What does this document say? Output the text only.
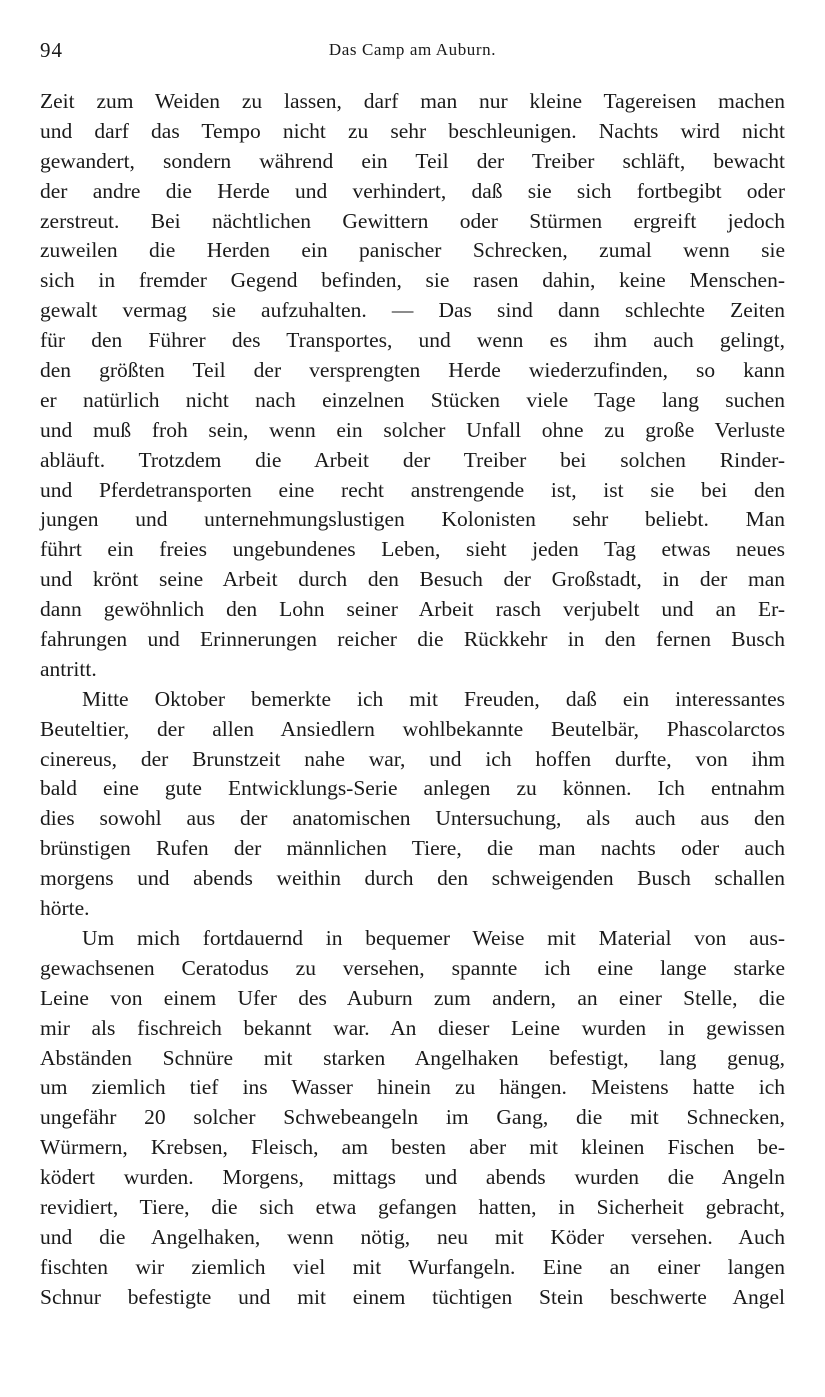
94	Das Camp am Auburn.

Zeit zum Weiden zu lassen, darf man nur kleine Tagereisen machen
und darf das Tempo nicht zu sehr beschleunigen. Nachts wird nicht
gewandert, sondern während ein Teil der Treiber schläft, bewacht
der andre die Herde und verhindert, daß sie sich fortbegibt oder
zerstreut. Bei nächtlichen Gewittern oder Stürmen ergreift jedoch
zuweilen die Herden ein panischer Schrecken, zumal wenn sie
sich in fremder Gegend befinden, sie rasen dahin, keine Menschen-
gewalt vermag sie aufzuhalten. — Das sind dann schlechte Zeiten
für den Führer des Transportes, und wenn es ihm auch gelingt,
den größten Teil der versprengten Herde wiederzufinden, so kann
er natürlich nicht nach einzelnen Stücken viele Tage lang suchen
und muß froh sein, wenn ein solcher Unfall ohne zu große Verluste
abläuft. Trotzdem die Arbeit der Treiber bei solchen Rinder-
und Pferdetransporten eine recht anstrengende ist, ist sie bei den
jungen und unternehmungslustigen Kolonisten sehr beliebt. Man
führt ein freies ungebundenes Leben, sieht jeden Tag etwas neues
und krönt seine Arbeit durch den Besuch der Großstadt, in der man
dann gewöhnlich den Lohn seiner Arbeit rasch verjubelt und an Er-
fahrungen und Erinnerungen reicher die Rückkehr in den fernen Busch
antritt.

Mitte Oktober bemerkte ich mit Freuden, daß ein interessantes
Beuteltier, der allen Ansiedlern wohlbekannte Beutelbär, Phascolarctos
cinereus, der Brunstzeit nahe war, und ich hoffen durfte, von ihm
bald eine gute Entwicklungs-Serie anlegen zu können. Ich entnahm
dies sowohl aus der anatomischen Untersuchung, als auch aus den
brünstigen Rufen der männlichen Tiere, die man nachts oder auch
morgens und abends weithin durch den schweigenden Busch schallen
hörte.

Um mich fortdauernd in bequemer Weise mit Material von aus-
gewachsenen Ceratodus zu versehen, spannte ich eine lange starke
Leine von einem Ufer des Auburn zum andern, an einer Stelle, die
mir als fischreich bekannt war. An dieser Leine wurden in gewissen
Abständen Schnüre mit starken Angelhaken befestigt, lang genug,
um ziemlich tief ins Wasser hinein zu hängen. Meistens hatte ich
ungefähr 20 solcher Schwebeangeln im Gang, die mit Schnecken,
Würmern, Krebsen, Fleisch, am besten aber mit kleinen Fischen be-
ködert wurden. Morgens, mittags und abends wurden die Angeln
revidiert, Tiere, die sich etwa gefangen hatten, in Sicherheit gebracht,
und die Angelhaken, wenn nötig, neu mit Köder versehen. Auch
fischten wir ziemlich viel mit Wurfangeln. Eine an einer langen
Schnur befestigte und mit einem tüchtigen Stein beschwerte Angel
